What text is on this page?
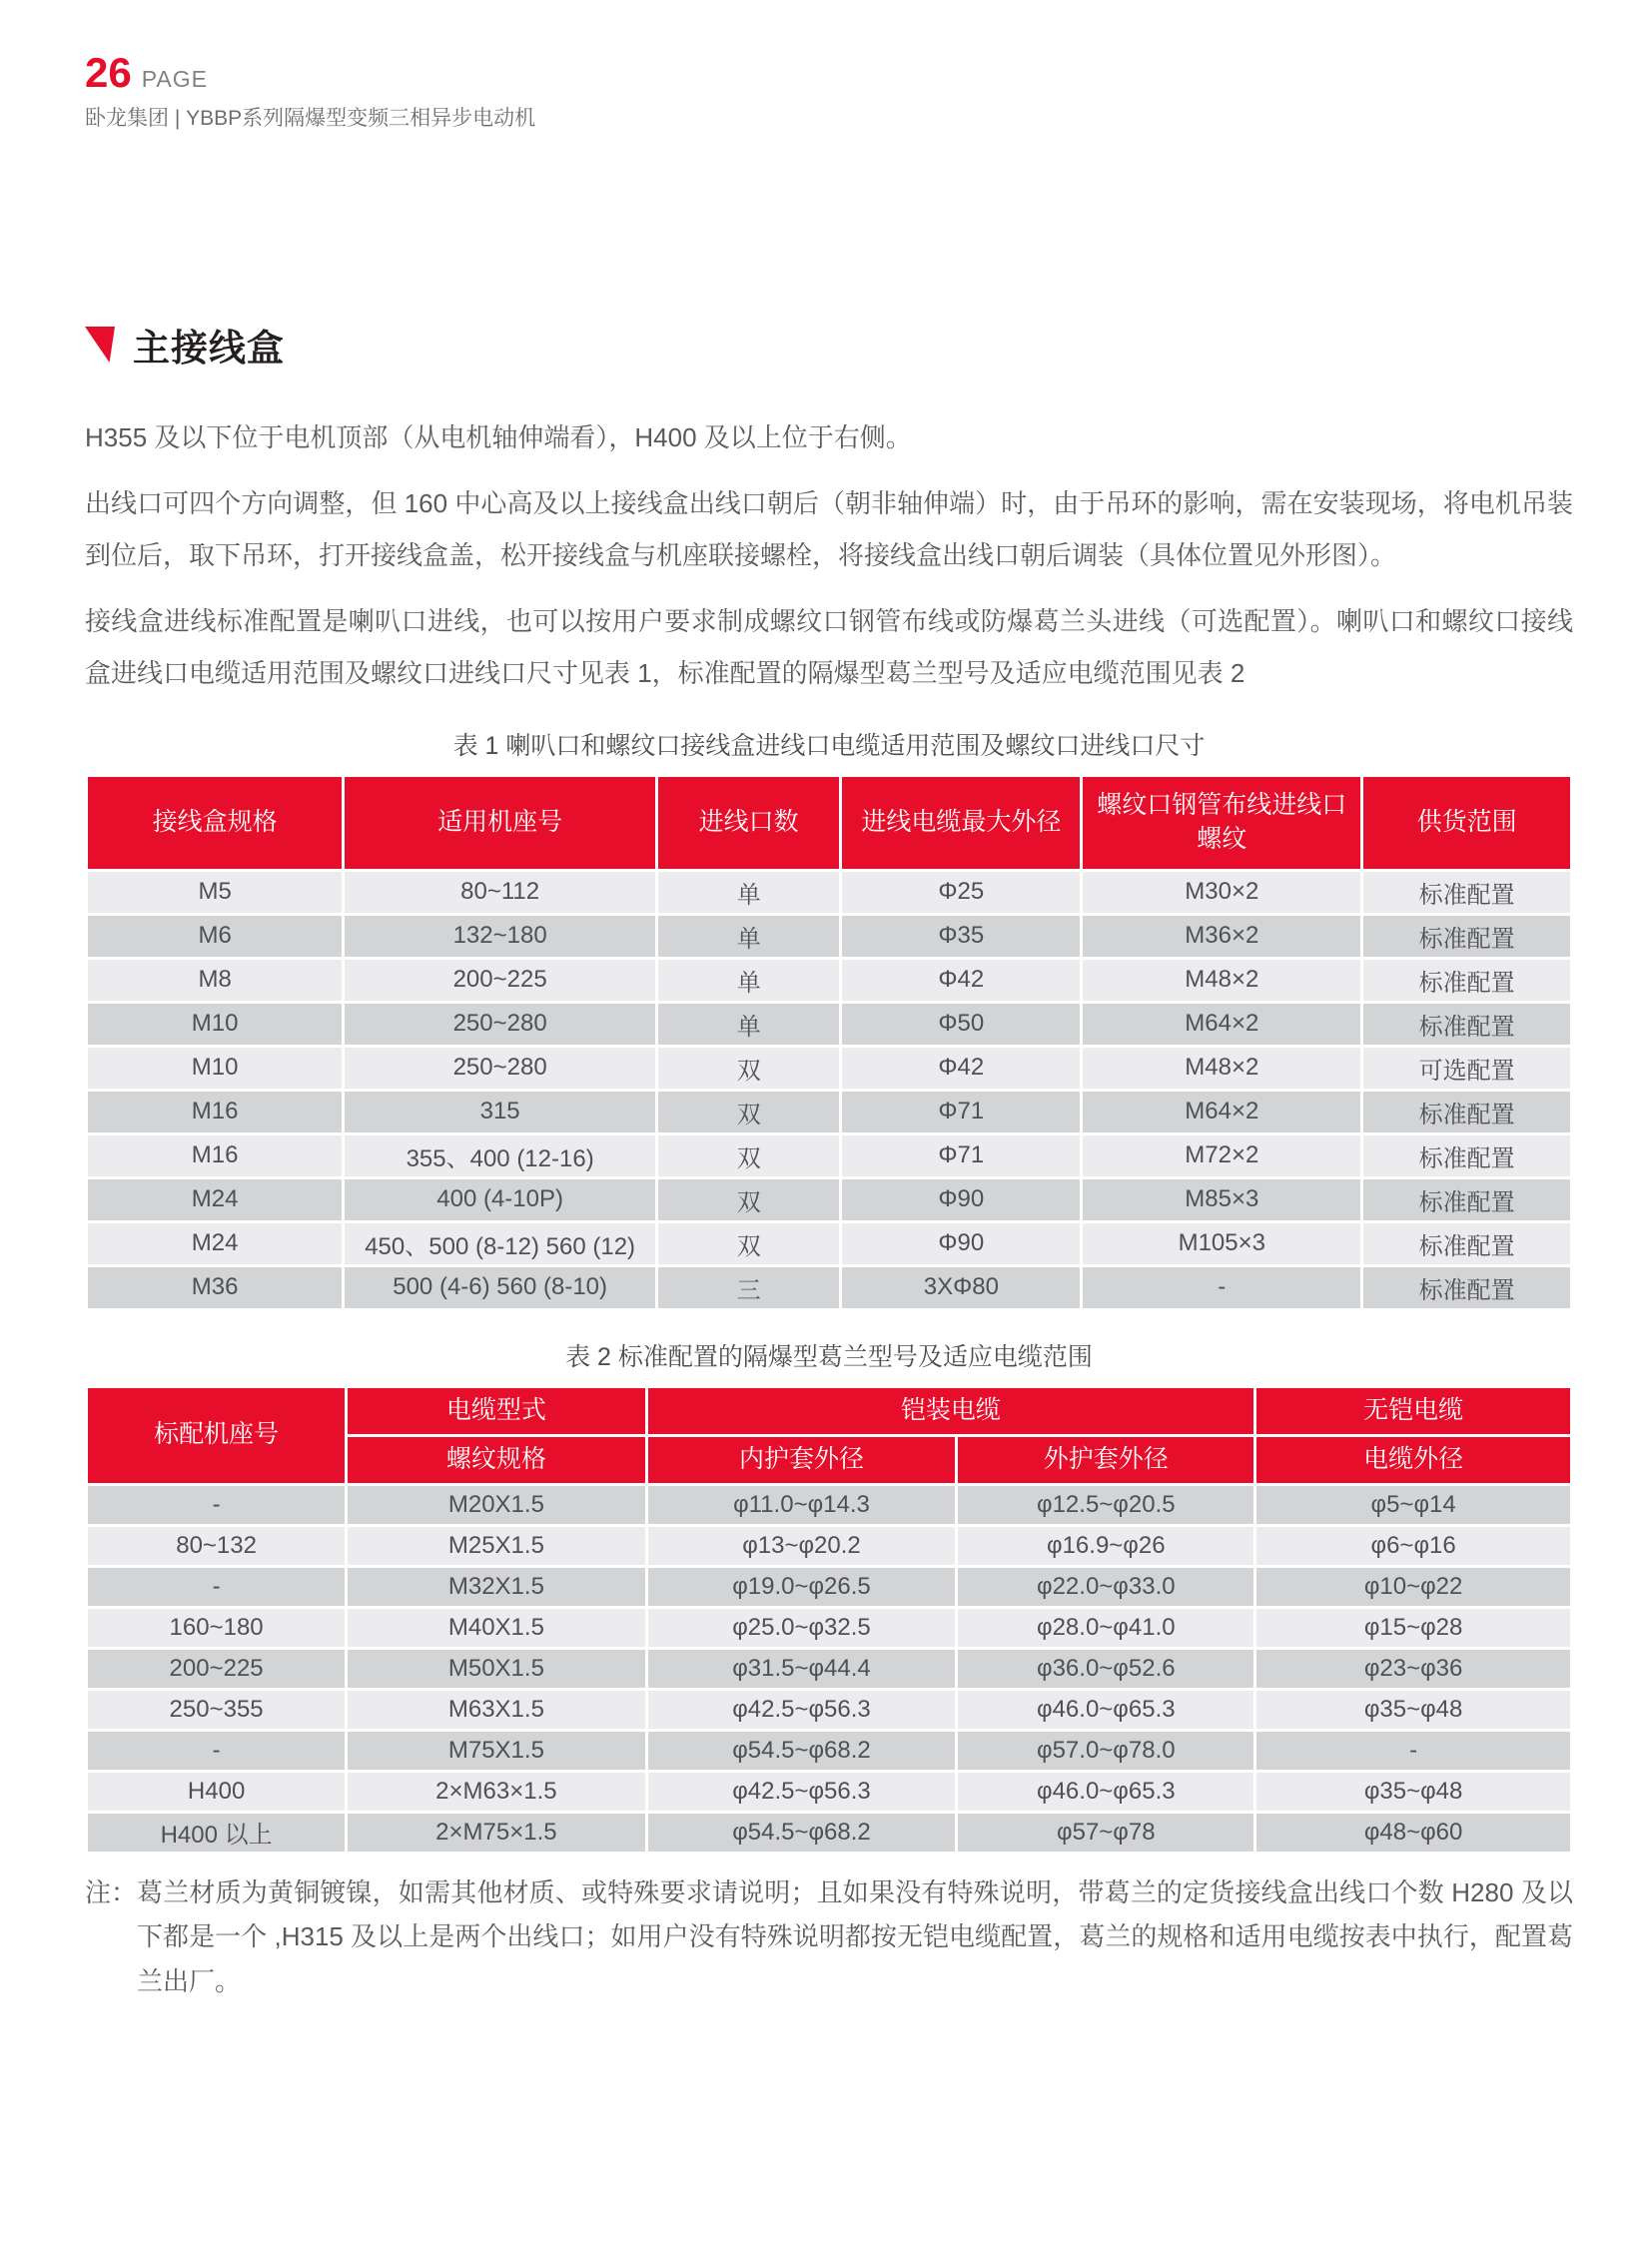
26 PAGE
卧龙集团 | YBBP系列隔爆型变频三相异步电动机
主接线盒

H355 及以下位于电机顶部（从电机轴伸端看），H400 及以上位于右侧。

出线口可四个方向调整，但 160 中心高及以上接线盒出线口朝后（朝非轴伸端）时，由于吊环的影响，需在安装现场，将电机吊装到位后，取下吊环，打开接线盒盖，松开接线盒与机座联接螺栓，将接线盒出线口朝后调装（具体位置见外形图）。

接线盒进线标准配置是喇叭口进线，也可以按用户要求制成螺纹口钢管布线或防爆葛兰头进线（可选配置）。喇叭口和螺纹口接线盒进线口电缆适用范围及螺纹口进线口尺寸见表 1，标准配置的隔爆型葛兰型号及适应电缆范围见表 2

表 1 喇叭口和螺纹口接线盒进线口电缆适用范围及螺纹口进线口尺寸
接线盒规格	适用机座号	进线口数	进线电缆最大外径	螺纹口钢管布线进线口螺纹	供货范围
M5	80~112	单	Φ25	M30×2	标准配置
M6	132~180	单	Φ35	M36×2	标准配置
M8	200~225	单	Φ42	M48×2	标准配置
M10	250~280	单	Φ50	M64×2	标准配置
M10	250~280	双	Φ42	M48×2	可选配置
M16	315	双	Φ71	M64×2	标准配置
M16	355、400 (12-16)	双	Φ71	M72×2	标准配置
M24	400 (4-10P)	双	Φ90	M85×3	标准配置
M24	450、500 (8-12) 560 (12)	双	Φ90	M105×3	标准配置
M36	500 (4-6) 560 (8-10)	三	3XΦ80	-	标准配置
表 2 标准配置的隔爆型葛兰型号及适应电缆范围
标配机座号	电缆型式	铠装电缆		无铠电缆
	螺纹规格	内护套外径	外护套外径	电缆外径
-	M20X1.5	φ11.0~φ14.3	φ12.5~φ20.5	φ5~φ14
80~132	M25X1.5	φ13~φ20.2	φ16.9~φ26	φ6~φ16
-	M32X1.5	φ19.0~φ26.5	φ22.0~φ33.0	φ10~φ22
160~180	M40X1.5	φ25.0~φ32.5	φ28.0~φ41.0	φ15~φ28
200~225	M50X1.5	φ31.5~φ44.4	φ36.0~φ52.6	φ23~φ36
250~355	M63X1.5	φ42.5~φ56.3	φ46.0~φ65.3	φ35~φ48
-	M75X1.5	φ54.5~φ68.2	φ57.0~φ78.0	-
H400	2×M63×1.5	φ42.5~φ56.3	φ46.0~φ65.3	φ35~φ48
H400 以上	2×M75×1.5	φ54.5~φ68.2	φ57~φ78	φ48~φ60
注： 葛兰材质为黄铜镀镍，如需其他材质、或特殊要求请说明；且如果没有特殊说明，带葛兰的定货接线盒出线口个数 H280 及以下都是一个 ,H315 及以上是两个出线口；如用户没有特殊说明都按无铠电缆配置，葛兰的规格和适用电缆按表中执行，配置葛兰出厂。
